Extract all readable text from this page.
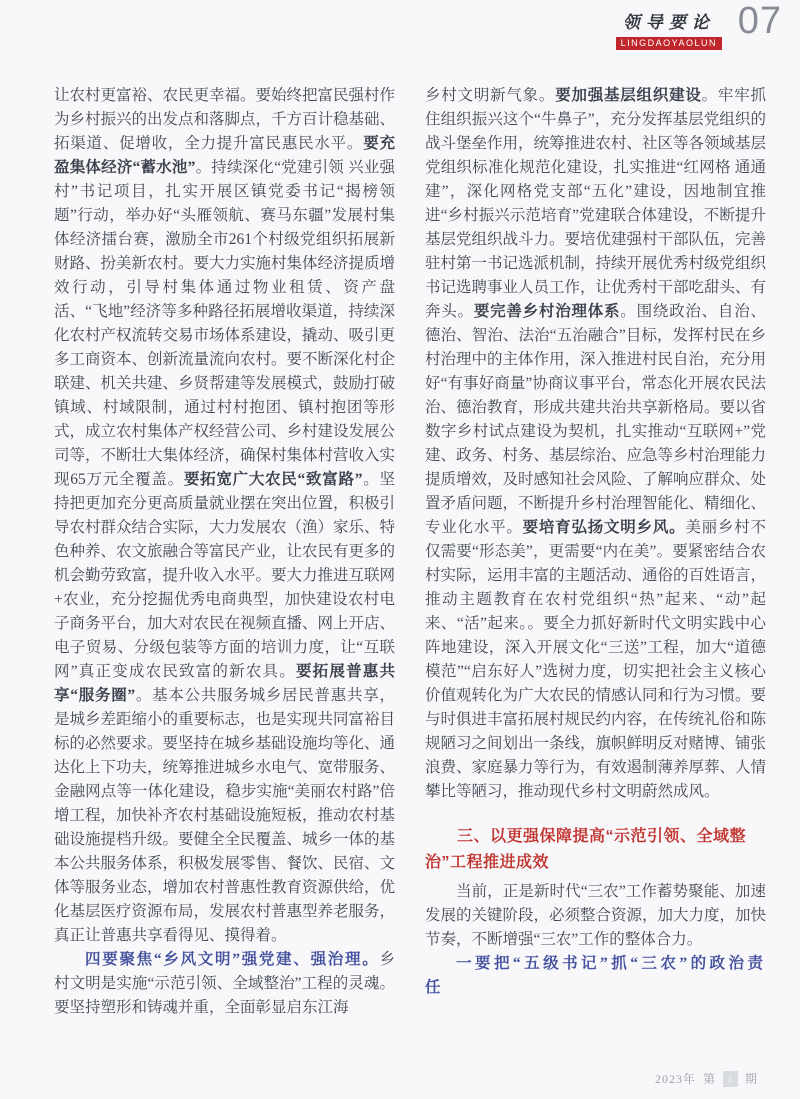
领导要论
LINGDAOYAOLUN
07

让农村更富裕、农民更幸福。要始终把富民强村作为乡村振兴的出发点和落脚点，千方百计稳基础、拓渠道、促增收，全力提升富民惠民水平。要充盈集体经济“蓄水池”。持续深化“党建引领 兴业强村”书记项目，扎实开展区镇党委书记“揭榜领题”行动，举办好“头雁领航、赛马东疆”发展村集体经济擂台赛，激励全市261个村级党组织拓展新财路、扮美新农村。要大力实施村集体经济提质增效行动，引导村集体通过物业租赁、资产盘活、“飞地”经济等多种路径拓展增收渠道，持续深化农村产权流转交易市场体系建设，撬动、吸引更多工商资本、创新流量流向农村。要不断深化村企联建、机关共建、乡贤帮建等发展模式，鼓励打破镇域、村域限制，通过村村抱团、镇村抱团等形式，成立农村集体产权经营公司、乡村建设发展公司等，不断壮大集体经济，确保村集体村营收入实现65万元全覆盖。要拓宽广大农民“致富路”。坚持把更加充分更高质量就业摆在突出位置，积极引导农村群众结合实际，大力发展农（渔）家乐、特色种养、农文旅融合等富民产业，让农民有更多的机会勤劳致富，提升收入水平。要大力推进互联网+农业，充分挖掘优秀电商典型，加快建设农村电子商务平台，加大对农民在视频直播、网上开店、电子贸易、分级包装等方面的培训力度，让“互联网”真正变成农民致富的新农具。要拓展普惠共享“服务圈”。基本公共服务城乡居民普惠共享，是城乡差距缩小的重要标志，也是实现共同富裕目标的必然要求。要坚持在城乡基础设施均等化、通达化上下功夫，统筹推进城乡水电气、宽带服务、金融网点等一体化建设，稳步实施“美丽农村路”倍增工程，加快补齐农村基础设施短板，推动农村基础设施提档升级。要健全全民覆盖、城乡一体的基本公共服务体系，积极发展零售、餐饮、民宿、文体等服务业态，增加农村普惠性教育资源供给，优化基层医疗资源布局，发展农村普惠型养老服务，真正让普惠共享看得见、摸得着。

四要聚焦“乡风文明”强党建、强治理。乡村文明是实施“示范引领、全域整治”工程的灵魂。要坚持塑形和铸魂并重，全面彰显启东江海

乡村文明新气象。要加强基层组织建设。牢牢抓住组织振兴这个“牛鼻子”，充分发挥基层党组织的战斗堡垒作用，统筹推进农村、社区等各领域基层党组织标准化规范化建设，扎实推进“红网格 通通建”，深化网格党支部“五化”建设，因地制宜推进“乡村振兴示范培育”党建联合体建设，不断提升基层党组织战斗力。要培优建强村干部队伍，完善驻村第一书记选派机制，持续开展优秀村级党组织书记选聘事业人员工作，让优秀村干部吃甜头、有奔头。要完善乡村治理体系。围绕政治、自治、德治、智治、法治“五治融合”目标，发挥村民在乡村治理中的主体作用，深入推进村民自治，充分用好“有事好商量”协商议事平台，常态化开展农民法治、德治教育，形成共建共治共享新格局。要以省数字乡村试点建设为契机，扎实推动“互联网+”党建、政务、村务、基层综治、应急等乡村治理能力提质增效，及时感知社会风险、了解响应群众、处置矛盾问题，不断提升乡村治理智能化、精细化、专业化水平。要培育弘扬文明乡风。美丽乡村不仅需要“形态美”，更需要“内在美”。要紧密结合农村实际，运用丰富的主题活动、通俗的百姓语言，推动主题教育在农村党组织“热”起来、“动”起来、“活”起来。。要全力抓好新时代文明实践中心阵地建设，深入开展文化“三送”工程，加大“道德模范”“启东好人”选树力度，切实把社会主义核心价值观转化为广大农民的情感认同和行为习惯。要与时俱进丰富拓展村规民约内容，在传统礼俗和陈规陋习之间划出一条线，旗帜鲜明反对赌博、铺张浪费、家庭暴力等行为，有效遏制薄养厚葬、人情攀比等陋习，推动现代乡村文明蔚然成风。

三、以更强保障提高“示范引领、全域整治”工程推进成效

当前，正是新时代“三农”工作蓄势聚能、加速发展的关键阶段，必须整合资源，加大力度，加快节奏，不断增强“三农”工作的整体合力。

一要把“五级书记”抓“三农”的政治责任

2023年 第	1 期
